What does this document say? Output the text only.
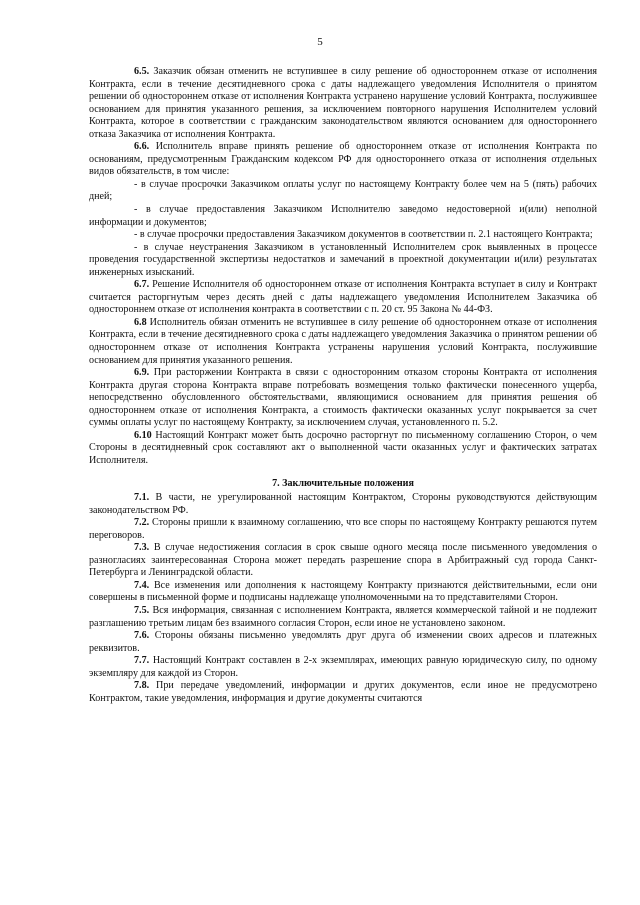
5

6.5. Заказчик обязан отменить не вступившее в силу решение об одностороннем отказе от исполнения Контракта, если в течение десятидневного срока с даты надлежащего уведомления Исполнителя о принятом решении об одностороннем отказе от исполнения Контракта устранено нарушение условий Контракта, послужившее основанием для принятия указанного решения, за исключением повторного нарушения Исполнителем условий Контракта, которое в соответствии с гражданским законодательством являются основанием для одностороннего отказа Заказчика от исполнения Контракта.

6.6. Исполнитель вправе принять решение об одностороннем отказе от исполнения Контракта по основаниям, предусмотренным Гражданским кодексом РФ для одностороннего отказа от исполнения отдельных видов обязательств, в том числе:

- в случае просрочки Заказчиком оплаты услуг по настоящему Контракту более чем на 5 (пять) рабочих дней;

- в случае предоставления Заказчиком Исполнителю заведомо недостоверной и(или) неполной информации и документов;

- в случае просрочки предоставления Заказчиком документов в соответствии п. 2.1 настоящего Контракта;

- в случае неустранения Заказчиком в установленный Исполнителем срок выявленных в процессе проведения государственной экспертизы недостатков и замечаний в проектной документации и(или) результатах инженерных изысканий.

6.7. Решение Исполнителя об одностороннем отказе от исполнения Контракта вступает в силу и Контракт считается расторгнутым через десять дней с даты надлежащего уведомления Исполнителем Заказчика об одностороннем отказе от исполнения контракта в соответствии с п. 20 ст. 95 Закона № 44-ФЗ.

6.8 Исполнитель обязан отменить не вступившее в силу решение об одностороннем отказе от исполнения Контракта, если в течение десятидневного срока с даты надлежащего уведомления Заказчика о принятом решении об одностороннем отказе от исполнения Контракта устранены нарушения условий Контракта, послужившие основанием для принятия указанного решения.

6.9. При расторжении Контракта в связи с односторонним отказом стороны Контракта от исполнения Контракта другая сторона Контракта вправе потребовать возмещения только фактически понесенного ущерба, непосредственно обусловленного обстоятельствами, являющимися основанием для принятия решения об одностороннем отказе от исполнения Контракта, а стоимость фактически оказанных услуг покрывается за счет суммы оплаты услуг по настоящему Контракту, за исключением случая, установленного п. 5.2.

6.10 Настоящий Контракт может быть досрочно расторгнут по письменному соглашению Сторон, о чем Стороны в десятидневный срок составляют акт о выполненной части оказанных услуг и фактических затратах Исполнителя.

7. Заключительные положения

7.1. В части, не урегулированной настоящим Контрактом, Стороны руководствуются действующим законодательством РФ.

7.2. Стороны пришли к взаимному соглашению, что все споры по настоящему Контракту решаются путем переговоров.

7.3. В случае недостижения согласия в срок свыше одного месяца после письменного уведомления о разногласиях заинтересованная Сторона может передать разрешение спора в Арбитражный суд города Санкт-Петербурга и Ленинградской области.

7.4. Все изменения или дополнения к настоящему Контракту признаются действительными, если они совершены в письменной форме и подписаны надлежаще уполномоченными на то представителями Сторон.

7.5. Вся информация, связанная с исполнением Контракта, является коммерческой тайной и не подлежит разглашению третьим лицам без взаимного согласия Сторон, если иное не установлено законом.

7.6. Стороны обязаны письменно уведомлять друг друга об изменении своих адресов и платежных реквизитов.

7.7. Настоящий Контракт составлен в 2-х экземплярах, имеющих равную юридическую силу, по одному экземпляру для каждой из Сторон.

7.8. При передаче уведомлений, информации и других документов, если иное не предусмотрено Контрактом, такие уведомления, информация и другие документы считаются
